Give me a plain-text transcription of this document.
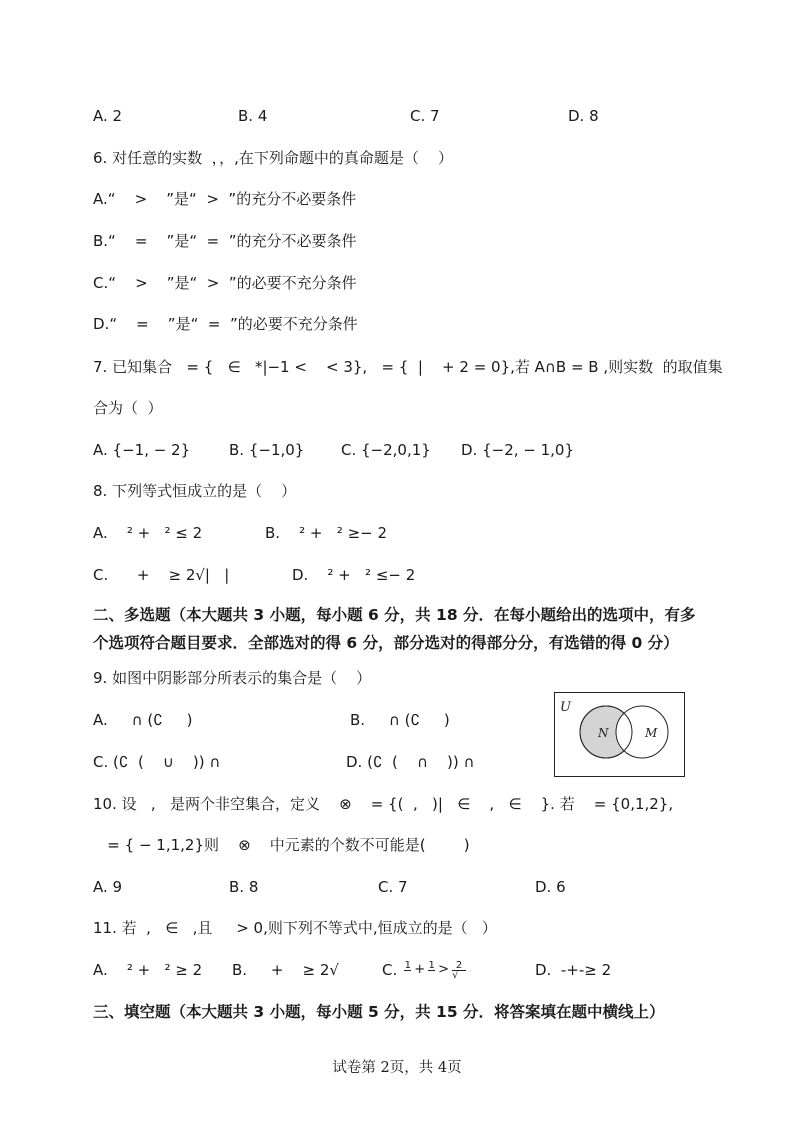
A. 2	B. 4	C. 7	D. 8
6. 对任意的实数  ，，,在下列命题中的真命题是（    ）
A.“    >    ”是“  >  ”的充分不必要条件
B.“    =    ”是“  =  ”的充分不必要条件
C.“    >    ”是“  >  ”的必要不充分条件
D.“    =    ”是“  =  ”的必要不充分条件
7. 已知集合   = {   ∈   *|−1 <    < 3},   = {  |    + 2 = 0},若 A∩B = B ,则实数  的取值集
合为（  ）
A. {−1, − 2}	B. {−1,0} C. {−2,0,1} D. {−2, − 1,0}
8. 下列等式恒成立的是（    ）
A.    ² +   ² ≤ 2	B.    ² +   ² ≥− 2
C.      +    ≥ 2√|   |	D.    ² +   ² ≤− 2
二、多选题（本大题共 3 小题，每小题 6 分，共 18 分．在每小题给出的选项中，有多
个选项符合题目要求．全部选对的得 6 分，部分选对的得部分分，有选错的得 0 分）
9. 如图中阴影部分所表示的集合是（    ）
A.     ∩ (∁     )	B.     ∩ (∁     )
C. (∁  (    ∪    )) ∩	D. (∁  (    ∩    )) ∩
U
N	M
10. 设   ,   是两个非空集合，定义    ⊗    = {(  ,   )|   ∈    ,   ∈    }. 若    = {0,1,2},
= { − 1,1,2}则    ⊗    中元素的个数不可能是(        )
A. 9	B. 8	C. 7	D. 6
11. 若  ,   ∈   ,且     > 0,则下列不等式中,恒成立的是（   ）
A.    ² +   ² ≥ 2 B.     +    ≥ 2√	C. 1 + 1 > 2
√	D.  -+-≥ 2
三、填空题（本大题共 3 小题，每小题 5 分，共 15 分．将答案填在题中横线上）
试卷第 2页，共 4页
